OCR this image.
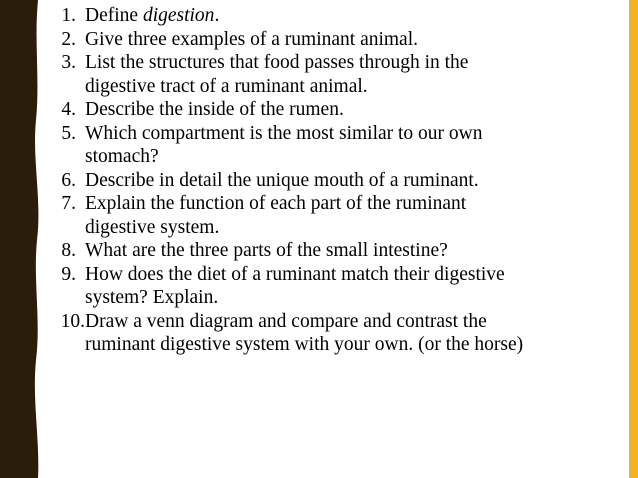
1. Define digestion.
2. Give three examples of a ruminant animal.
3. List the structures that food passes through in the
digestive tract of a ruminant animal.
4. Describe the inside of the rumen.
5. Which compartment is the most similar to our own
stomach?
6. Describe in detail the unique mouth of a ruminant.
7. Explain the function of each part of the ruminant
digestive system.
8. What are the three parts of the small intestine?
9. How does the diet of a ruminant match their digestive
system? Explain.
10. Draw a venn diagram and compare and contrast the
ruminant digestive system with your own. (or the horse)
